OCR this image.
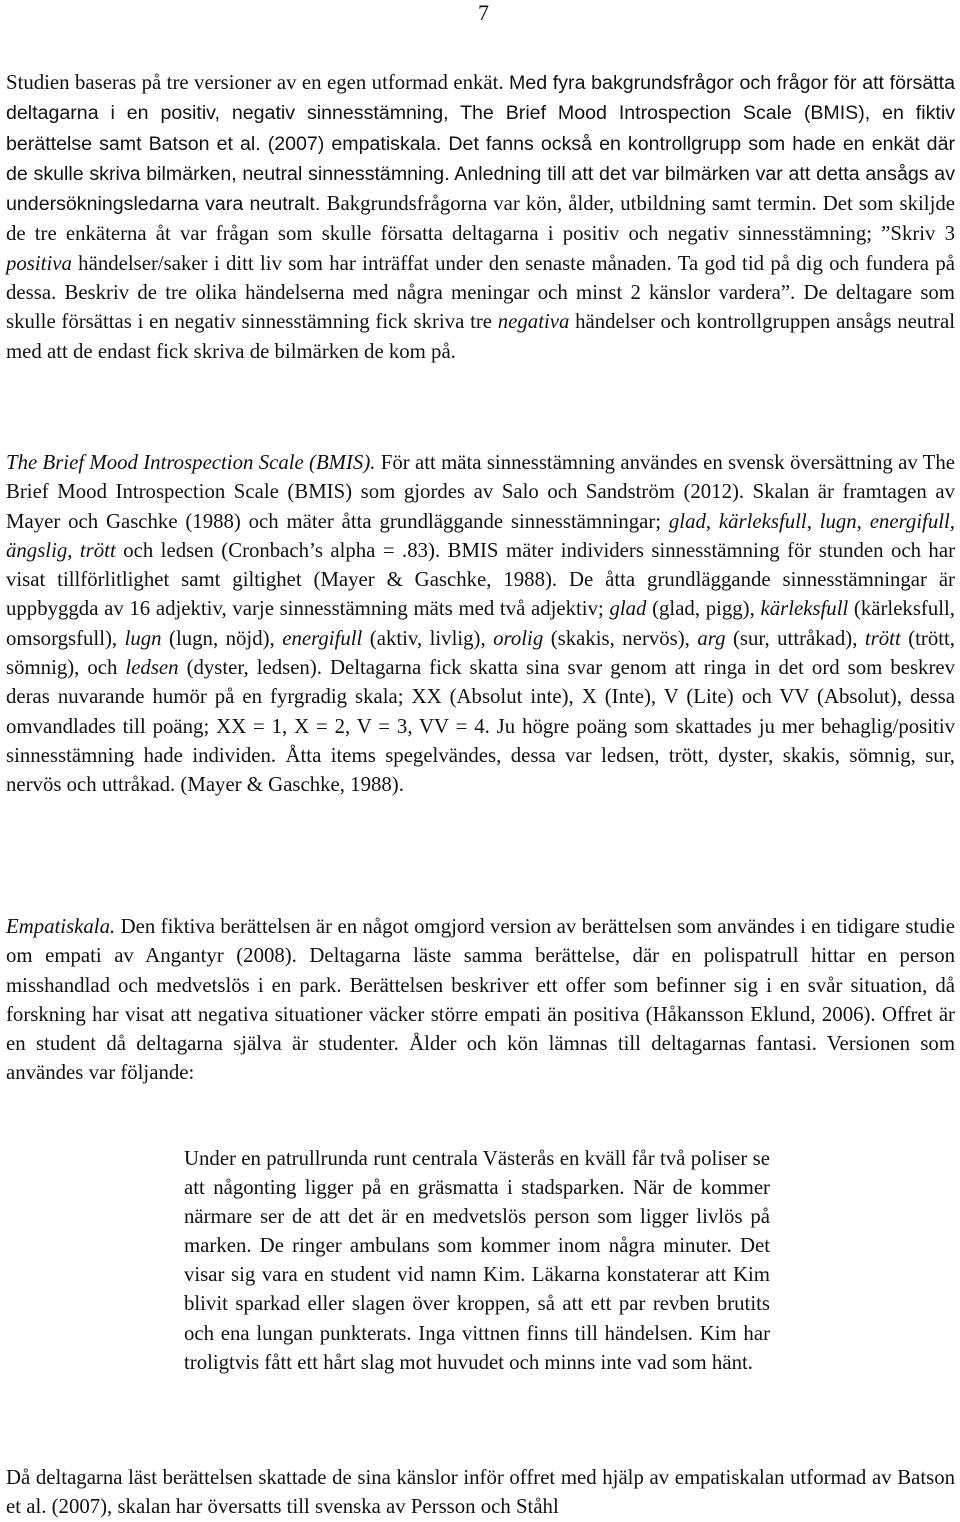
7

Studien baseras på tre versioner av en egen utformad enkät. Med fyra bakgrundsfrågor och frågor för att försätta deltagarna i en positiv, negativ sinnesstämning, The Brief Mood Introspection Scale (BMIS), en fiktiv berättelse samt Batson et al. (2007) empatiskala. Det fanns också en kontrollgrupp som hade en enkät där de skulle skriva bilmärken, neutral sinnesstämning. Anledning till att det var bilmärken var att detta ansågs av undersökningsledarna vara neutralt. Bakgrundsfrågorna var kön, ålder, utbildning samt termin. Det som skiljde de tre enkäterna åt var frågan som skulle försatta deltagarna i positiv och negativ sinnesstämning; ”Skriv 3 positiva händelser/saker i ditt liv som har inträffat under den senaste månaden. Ta god tid på dig och fundera på dessa. Beskriv de tre olika händelserna med några meningar och minst 2 känslor vardera”. De deltagare som skulle försättas i en negativ sinnesstämning fick skriva tre negativa händelser och kontrollgruppen ansågs neutral med att de endast fick skriva de bilmärken de kom på.

The Brief Mood Introspection Scale (BMIS). För att mäta sinnesstämning användes en svensk översättning av The Brief Mood Introspection Scale (BMIS) som gjordes av Salo och Sandström (2012). Skalan är framtagen av Mayer och Gaschke (1988) och mäter åtta grundläggande sinnesstämningar; glad, kärleksfull, lugn, energifull, ängslig, trött och ledsen (Cronbach’s alpha = .83). BMIS mäter individers sinnesstämning för stunden och har visat tillförlitlighet samt giltighet (Mayer & Gaschke, 1988). De åtta grundläggande sinnesstämningar är uppbyggda av 16 adjektiv, varje sinnesstämning mäts med två adjektiv; glad (glad, pigg), kärleksfull (kärleksfull, omsorgsfull), lugn (lugn, nöjd), energifull (aktiv, livlig), orolig (skakis, nervös), arg (sur, uttråkad), trött (trött, sömnig), och ledsen (dyster, ledsen). Deltagarna fick skatta sina svar genom att ringa in det ord som beskrev deras nuvarande humör på en fyrgradig skala; XX (Absolut inte), X (Inte), V (Lite) och VV (Absolut), dessa omvandlades till poäng; XX = 1, X = 2, V = 3, VV = 4. Ju högre poäng som skattades ju mer behaglig/positiv sinnesstämning hade individen. Åtta items spegelvändes, dessa var ledsen, trött, dyster, skakis, sömnig, sur, nervös och uttråkad. (Mayer & Gaschke, 1988).

Empatiskala. Den fiktiva berättelsen är en något omgjord version av berättelsen som användes i en tidigare studie om empati av Angantyr (2008). Deltagarna läste samma berättelse, där en polispatrull hittar en person misshandlad och medvetslös i en park. Berättelsen beskriver ett offer som befinner sig i en svår situation, då forskning har visat att negativa situationer väcker större empati än positiva (Håkansson Eklund, 2006). Offret är en student då deltagarna själva är studenter. Ålder och kön lämnas till deltagarnas fantasi. Versionen som användes var följande:

Under en patrullrunda runt centrala Västerås en kväll får två poliser se att någonting ligger på en gräsmatta i stadsparken. När de kommer närmare ser de att det är en medvetslös person som ligger livlös på marken. De ringer ambulans som kommer inom några minuter. Det visar sig vara en student vid namn Kim. Läkarna konstaterar att Kim blivit sparkad eller slagen över kroppen, så att ett par revben brutits och ena lungan punkterats. Inga vittnen finns till händelsen. Kim har troligtvis fått ett hårt slag mot huvudet och minns inte vad som hänt.

Då deltagarna läst berättelsen skattade de sina känslor inför offret med hjälp av empatiskalan utformad av Batson et al. (2007), skalan har översatts till svenska av Persson och Ståhl
